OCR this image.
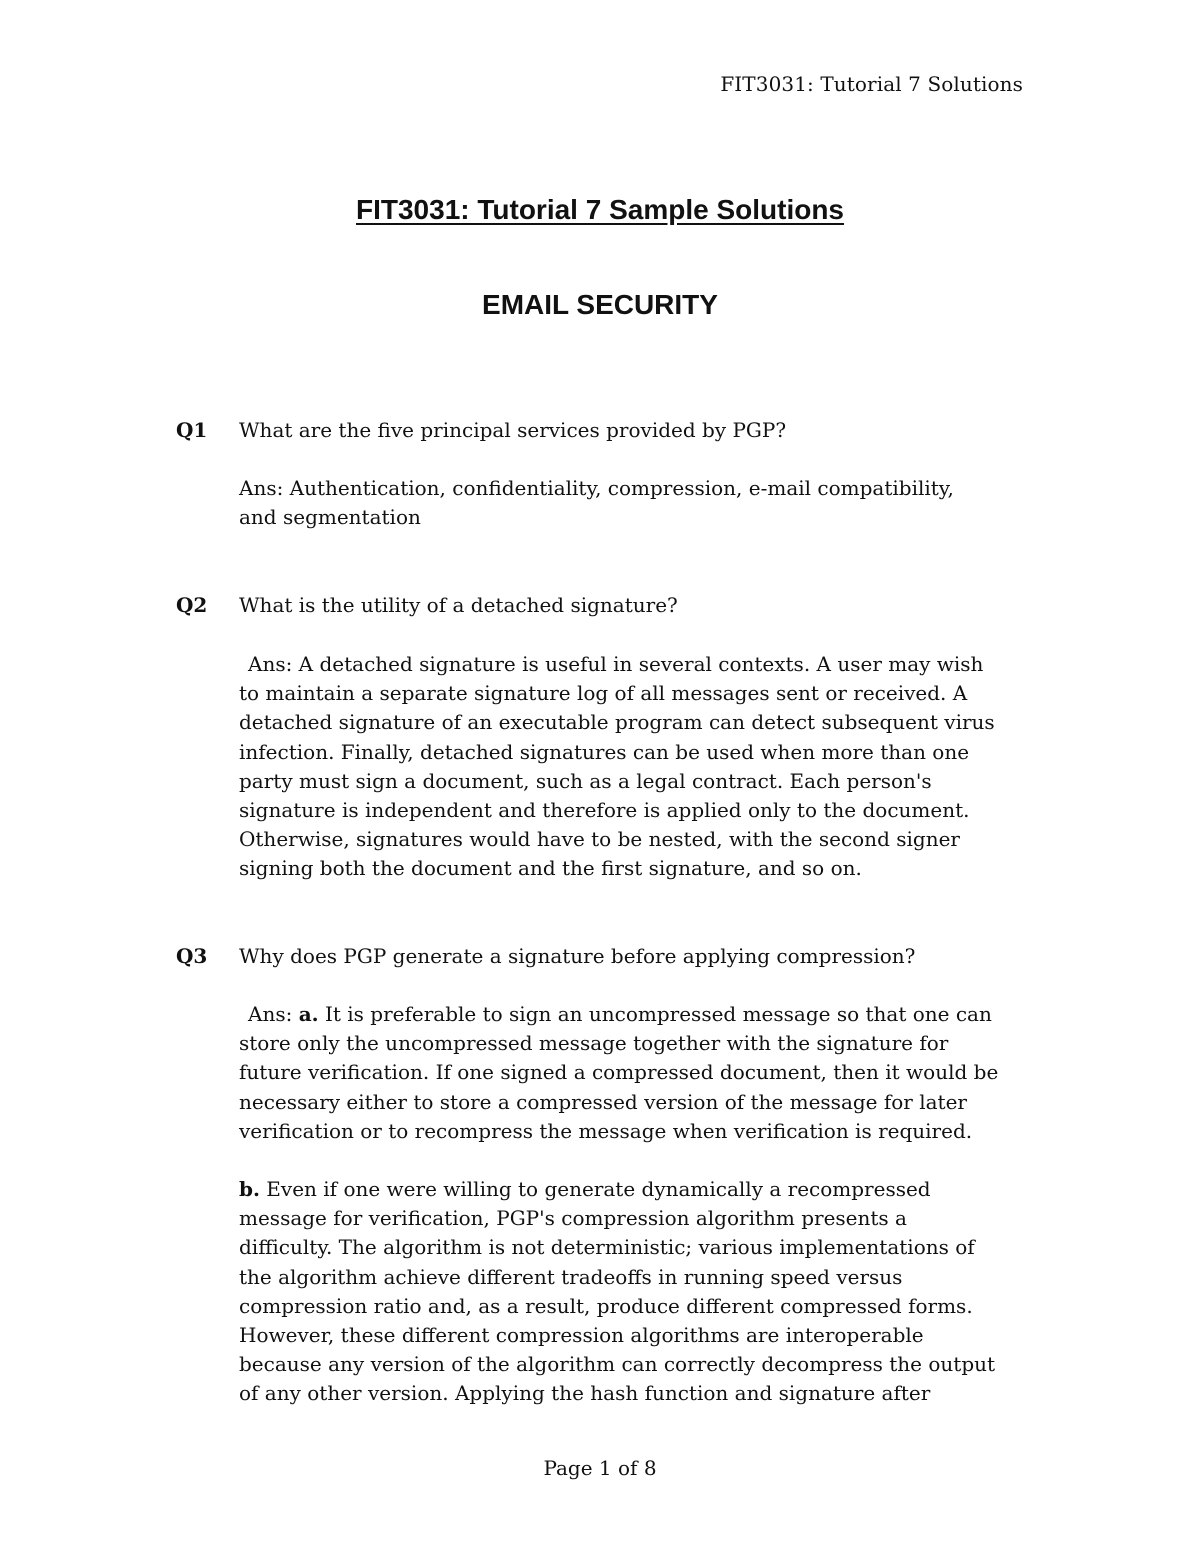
FIT3031: Tutorial 7 Solutions
FIT3031: Tutorial 7 Sample Solutions
EMAIL SECURITY
Q1 What are the five principal services provided by PGP?
Ans: Authentication, confidentiality, compression, e-mail compatibility,
and segmentation
Q2 What is the utility of a detached signature?
Ans: A detached signature is useful in several contexts. A user may wish
to maintain a separate signature log of all messages sent or received. A
detached signature of an executable program can detect subsequent virus
infection. Finally, detached signatures can be used when more than one
party must sign a document, such as a legal contract. Each person's
signature is independent and therefore is applied only to the document.
Otherwise, signatures would have to be nested, with the second signer
signing both the document and the first signature, and so on.
Q3 Why does PGP generate a signature before applying compression?
Ans: a. It is preferable to sign an uncompressed message so that one can
store only the uncompressed message together with the signature for
future verification. If one signed a compressed document, then it would be
necessary either to store a compressed version of the message for later
verification or to recompress the message when verification is required.
b. Even if one were willing to generate dynamically a recompressed
message for verification, PGP's compression algorithm presents a
difficulty. The algorithm is not deterministic; various implementations of
the algorithm achieve different tradeoffs in running speed versus
compression ratio and, as a result, produce different compressed forms.
However, these different compression algorithms are interoperable
because any version of the algorithm can correctly decompress the output
of any other version. Applying the hash function and signature after
Page 1 of 8
